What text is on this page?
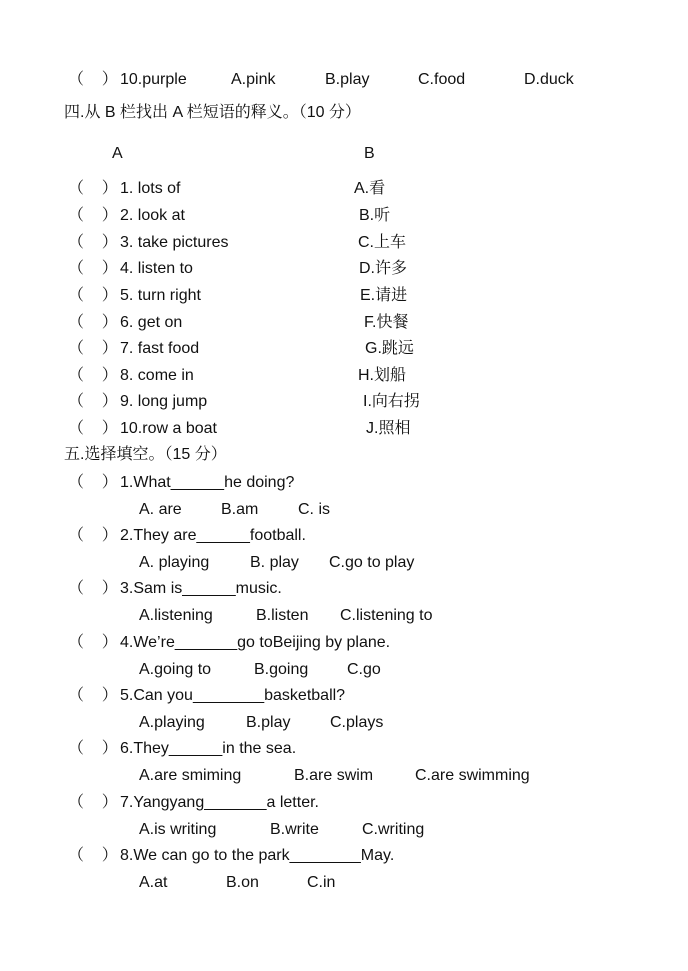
（    ） 10.purple	A.pink	B.play	C.food	D.duck
四.从 B 栏找出 A 栏短语的释义。（10 分）
A	B
（    ） 1. lots of	A.看
（    ） 2. look at	B.听
（    ） 3. take pictures	C.上车
（    ） 4. listen to	D.许多
（    ） 5. turn right	E.请进
（    ） 6. get on	F.快餐
（    ） 7. fast food	G.跳远
（    ） 8. come in	H.划船
（    ） 9. long jump	I.向右拐
（    ） 10.row a boat	J.照相
五.选择填空。（15 分）
（    ） 1.What______he doing?
A. are B.am C. is
（    ） 2.They are______football.
A. playing	B. play C.go to play
（    ） 3.Sam is______music.
A.listening	B.listen C.listening to
（    ） 4.We’re_______go toBeijing by plane.
A.going to	B.going C.go
（    ） 5.Can you________basketball?
A.playing	B.play C.plays
（    ） 6.They______in the sea.
A.are smiming	B.are swim	C.are swimming
（    ） 7.Yangyang_______a letter.
A.is writing	B.write	C.writing
（    ） 8.We can go to the park________May.
A.at	B.on	C.in
